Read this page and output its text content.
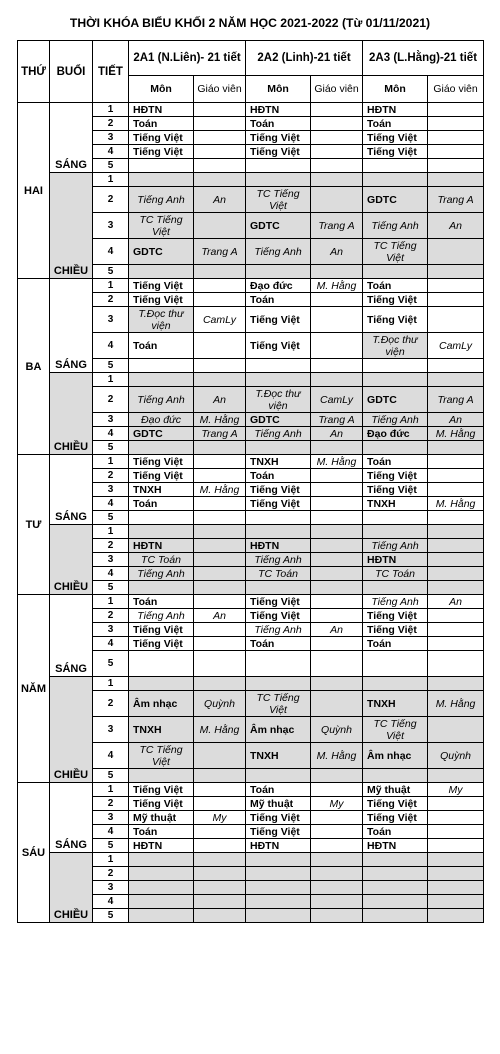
THỜI KHÓA BIỂU KHỐI 2 NĂM HỌC 2021-2022 (Từ 01/11/2021)
THỨ	BUỔI	TIẾT	2A1 (N.Liên)- 21 tiết		2A2 (Linh)-21 tiết		2A3 (L.Hằng)-21 tiết	
			Môn	Giáo viên	Môn	Giáo viên	Môn	Giáo viên
HAI	SÁNG	1	HĐTN		HĐTN		HĐTN	
		2	Toán		Toán		Toán	
		3	Tiếng Việt		Tiếng Việt		Tiếng Việt	
		4	Tiếng Việt		Tiếng Việt		Tiếng Việt	
		5						
	CHIỀU	1						
		2	Tiếng Anh	An	TC Tiếng Việt		GDTC	Trang A
		3	TC Tiếng Việt		GDTC	Trang A	Tiếng Anh	An
		4	GDTC	Trang A	Tiếng Anh	An	TC Tiếng Việt	
		5						
BA	SÁNG	1	Tiếng Việt		Đạo đức	M. Hằng	Toán	
		2	Tiếng Việt		Toán		Tiếng Việt	
		3	T.Đọc thư viện	CamLy	Tiếng Việt		Tiếng Việt	
		4	Toán		Tiếng Việt		T.Đọc thư viện	CamLy
		5						
	CHIỀU	1						
		2	Tiếng Anh	An	T.Đọc thư viện	CamLy	GDTC	Trang A
		3	Đạo đức	M. Hằng	GDTC	Trang A	Tiếng Anh	An
		4	GDTC	Trang A	Tiếng Anh	An	Đạo đức	M. Hằng
		5						
TƯ	SÁNG	1	Tiếng Việt		TNXH	M. Hằng	Toán	
		2	Tiếng Việt		Toán		Tiếng Việt	
		3	TNXH	M. Hằng	Tiếng Việt		Tiếng Việt	
		4	Toán		Tiếng Việt		TNXH	M. Hằng
		5						
	CHIỀU	1						
		2	HĐTN		HĐTN		Tiếng Anh	
		3	TC Toán		Tiếng Anh		HĐTN	
		4	Tiếng Anh		TC Toán		TC Toán	
		5						
NĂM	SÁNG	1	Toán		Tiếng Việt		Tiếng Anh	An
		2	Tiếng Anh	An	Tiếng Việt		Tiếng Việt	
		3	Tiếng Việt		Tiếng Anh	An	Tiếng Việt	
		4	Tiếng Việt		Toán		Toán	
		5						
	CHIỀU	1						
		2	Âm nhạc	Quỳnh	TC Tiếng Việt		TNXH	M. Hằng
		3	TNXH	M. Hằng	Âm nhạc	Quỳnh	TC Tiếng Việt	
		4	TC Tiếng Việt		TNXH	M. Hằng	Âm nhạc	Quỳnh
		5						
SÁU	SÁNG	1	Tiếng Việt		Toán		Mỹ thuật	My
		2	Tiếng Việt		Mỹ thuật	My	Tiếng Việt	
		3	Mỹ thuật	My	Tiếng Việt		Tiếng Việt	
		4	Toán		Tiếng Việt		Toán	
		5	HĐTN		HĐTN		HĐTN	
	CHIỀU	1						
		2						
		3						
		4						
		5						
